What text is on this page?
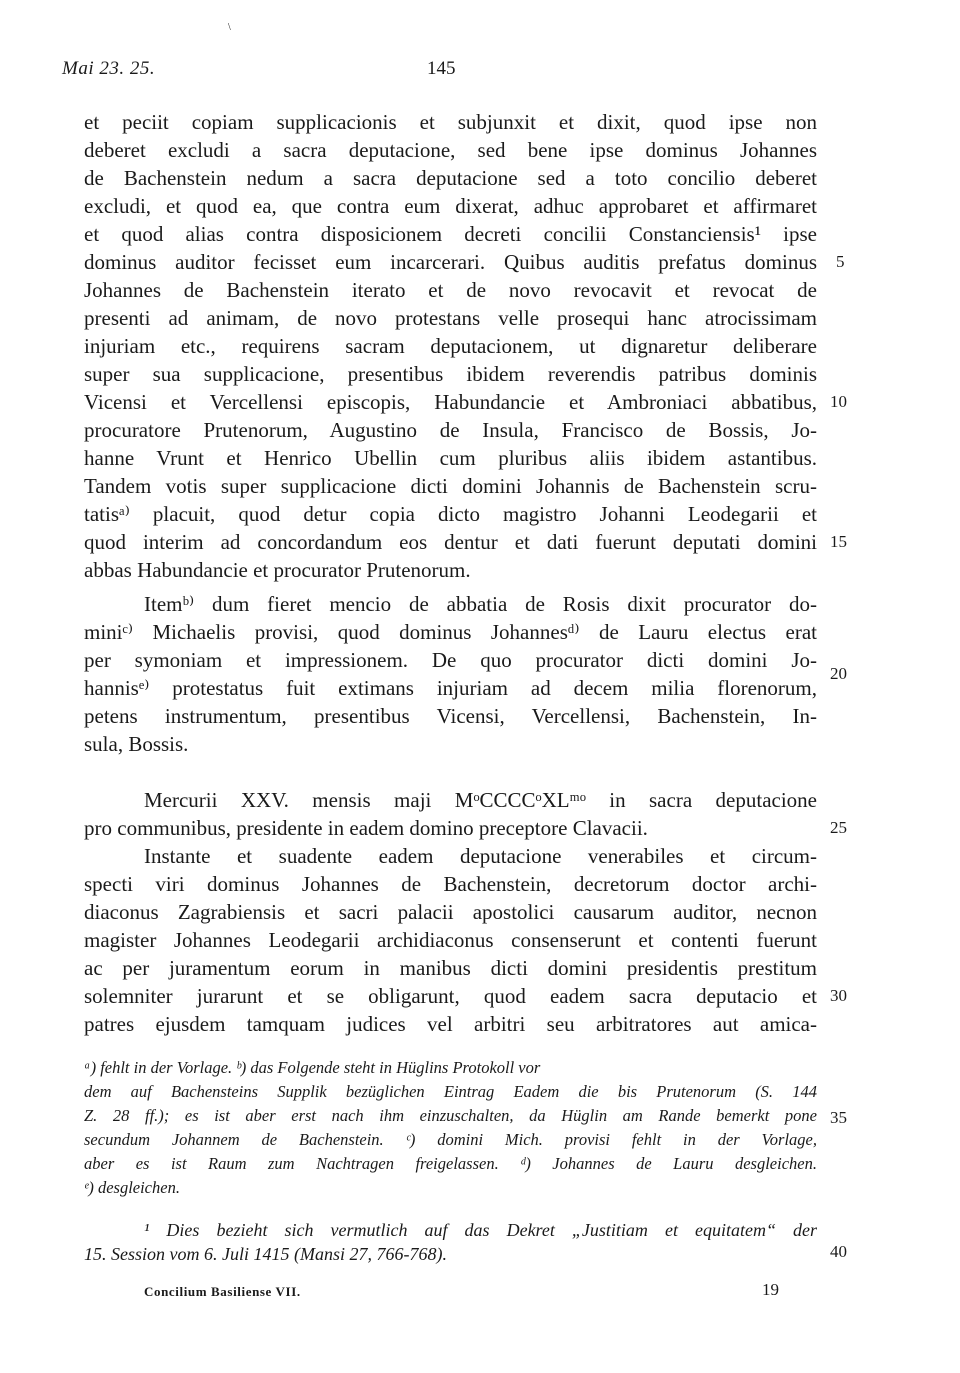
\
Mai 23. 25.	145
et peciit copiam supplicacionis et subjunxit et dixit, quod ipse non
deberet excludi a sacra deputacione, sed bene ipse dominus Johannes
de Bachenstein nedum a sacra deputacione sed a toto concilio deberet
excludi, et quod ea, que contra eum dixerat, adhuc approbaret et affirmaret
et quod alias contra disposicionem decreti concilii Constanciensis¹ ipse
dominus auditor fecisset eum incarcerari. Quibus auditis prefatus dominus
Johannes de Bachenstein iterato et de novo revocavit et revocat de
presenti ad animam, de novo protestans velle prosequi hanc atrocissimam
injuriam etc., requirens sacram deputacionem, ut dignaretur deliberare
super sua supplicacione, presentibus ibidem reverendis patribus dominis
Vicensi et Vercellensi episcopis, Habundancie et Ambroniaci abbatibus,
procuratore Prutenorum, Augustino de Insula, Francisco de Bossis, Jo-
hanne Vrunt et Henrico Ubellin cum pluribus aliis ibidem astantibus.
Tandem votis super supplicacione dicti domini Johannis de Bachenstein scru-
tatisᵃ⁾ placuit, quod detur copia dicto magistro Johanni Leodegarii et
quod interim ad concordandum eos dentur et dati fuerunt deputati domini
abbas Habundancie et procurator Prutenorum.
Itemᵇ⁾ dum fieret mencio de abbatia de Rosis dixit procurator do-
miniᶜ⁾ Michaelis provisi, quod dominus Johannesᵈ⁾ de Lauru electus erat
per symoniam et impressionem. De quo procurator dicti domini Jo-
hannisᵉ⁾ protestatus fuit extimans injuriam ad decem milia florenorum,
petens instrumentum, presentibus Vicensi, Vercellensi, Bachenstein, In-
sula, Bossis.
Mercurii XXV. mensis maji MᵒCCCCᵒXLᵐᵒ in sacra deputacione
pro communibus, presidente in eadem domino preceptore Clavacii.
Instante et suadente eadem deputacione venerabiles et circum-
specti viri dominus Johannes de Bachenstein, decretorum doctor archi-
diaconus Zagrabiensis et sacri palacii apostolici causarum auditor, necnon
magister Johannes Leodegarii archidiaconus consenserunt et contenti fuerunt
ac per juramentum eorum in manibus dicti domini presidentis prestitum
solemniter jurarunt et se obligarunt, quod eadem sacra deputacio et
patres ejusdem tamquam judices vel arbitri seu arbitratores aut amica-
5
10
15
20
25
30
35
40
ᵃ) fehlt in der Vorlage. ᵇ) das Folgende steht in Hüglins Protokoll vor
dem auf Bachensteins Supplik bezüglichen Eintrag Eadem die bis Prutenorum (S. 144
Z. 28 ff.); es ist aber erst nach ihm einzuschalten, da Hüglin am Rande bemerkt pone
secundum Johannem de Bachenstein. ᶜ) domini Mich. provisi fehlt in der Vorlage,
aber es ist Raum zum Nachtragen freigelassen. ᵈ) Johannes de Lauru desgleichen.
ᵉ) desgleichen.
¹ Dies bezieht sich vermutlich auf das Dekret „Justitiam et equitatem“ der
15. Session vom 6. Juli 1415 (Mansi 27, 766-768).
Concilium Basiliense VII.	19
